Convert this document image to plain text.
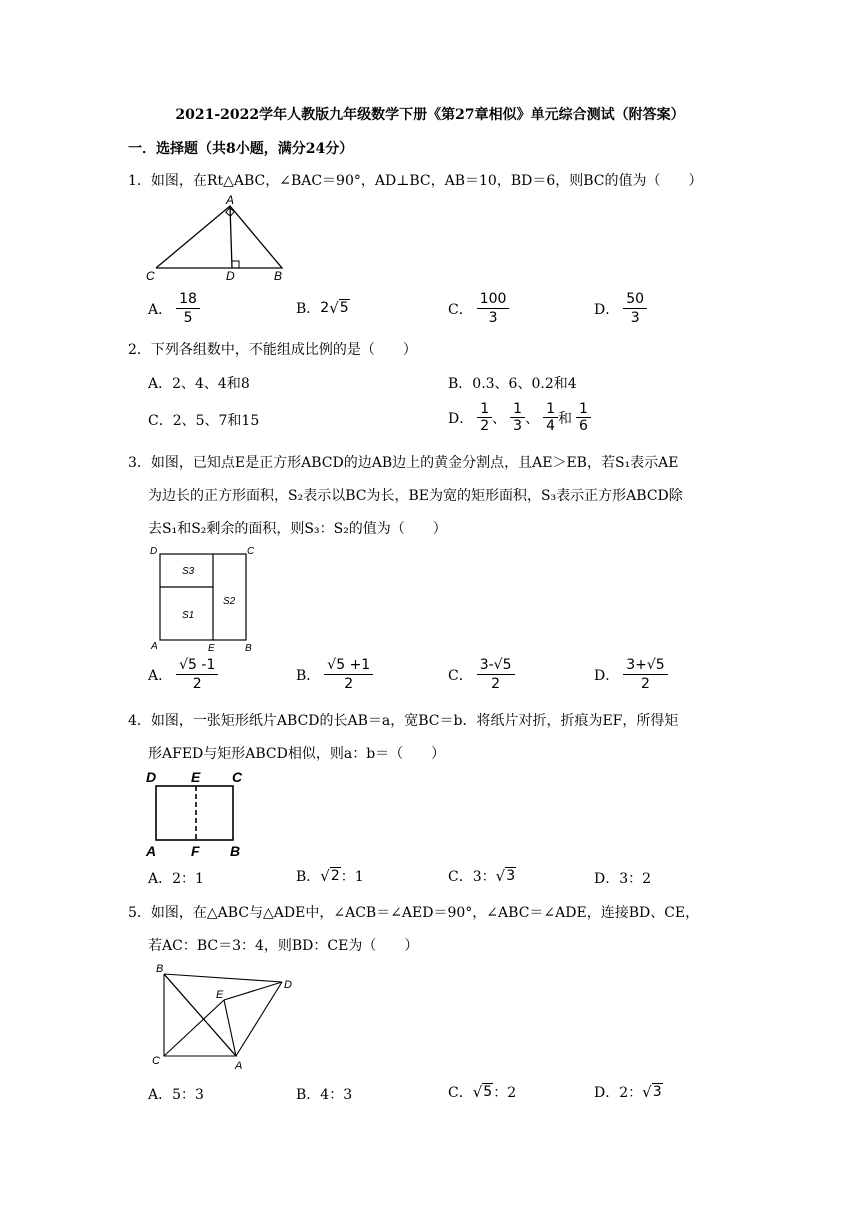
2021-2022学年人教版九年级数学下册《第27章相似》单元综合测试（附答案）
一．选择题（共8小题，满分24分）
1．如图，在Rt△ABC，∠BAC＝90°，AD⊥BC，AB＝10，BD＝6，则BC的值为（　　）
A
C	D	B
A． $\frac{18}{5}$	B． 2 √ 5	C． $\frac{100}{3}$	D． $\frac{50}{3}$
2．下列各组数中，不能组成比例的是（　　）
A．2、4、4和8	B．0.3、6、0.2和4
C．2、5、7和15	D． $\frac{1}{2}$ 、 $\frac{1}{3}$ 、 $\frac{1}{4}$ 和 $\frac{1}{6}$
3．如图，已知点E是正方形ABCD的边AB边上的黄金分割点，且AE＞EB，若S₁表示AE
为边长的正方形面积，S₂表示以BC为长，BE为宽的矩形面积，S₃表示正方形ABCD除
去S₁和S₂剩余的面积，则S₃：S₂的值为（　　）
D	C
A	E	B
S3
S1
S2
A． $\frac{√5 -1}{2}$	B． $\frac{√5 +1}{2}$	C． $\frac{3-√5}{2}$	D． $\frac{3+√5}{2}$
4．如图，一张矩形纸片ABCD的长AB＝a，宽BC＝b．将纸片对折，折痕为EF，所得矩
形AFED与矩形ABCD相似，则a：b＝（　　）
D E C
A F B
A．2：1	B． √ 2 ：1	C．3： √ 3	D．3：2
5．如图，在△ABC与△ADE中，∠ACB＝∠AED＝90°，∠ABC＝∠ADE，连接BD、CE，
若AC：BC＝3：4，则BD：CE为（　　）
B
E
D
C	A
A．5：3	B．4：3	C． √ 5 ：2	D．2： √ 3
